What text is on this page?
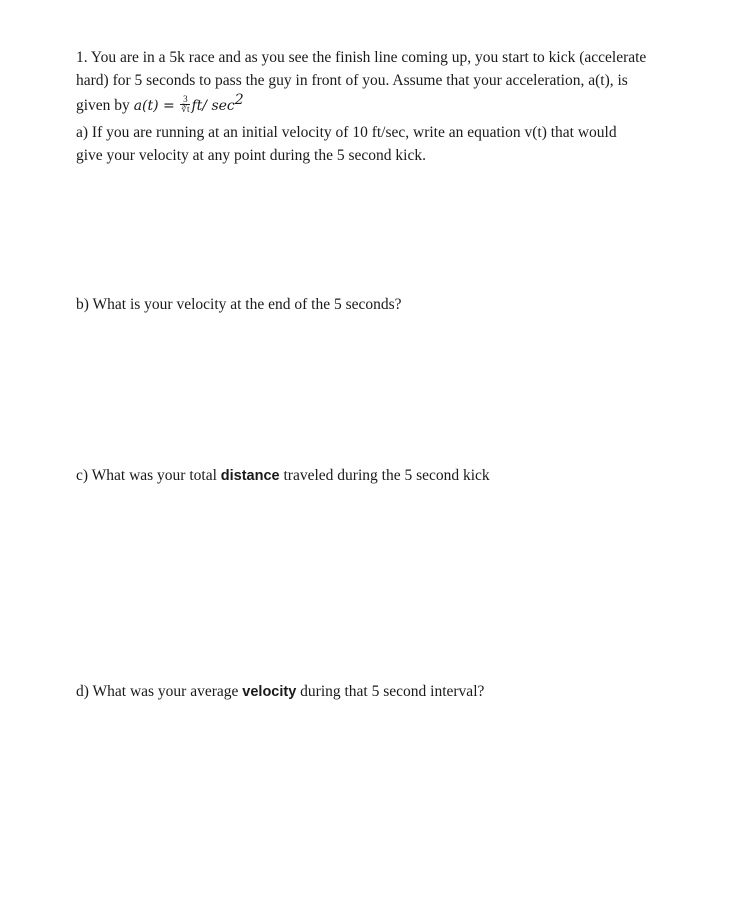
1. You are in a 5k race and as you see the finish line coming up, you start to kick (accelerate
hard) for 5 seconds to pass the guy in front of you. Assume that your acceleration, a(t), is
given by $a(t) = \frac{3}{∛t} ft/$ $\sec^2$
a) If you are running at an initial velocity of 10 ft/sec, write an equation v(t) that would
give your velocity at any point during the 5 second kick.
b) What is your velocity at the end of the 5 seconds?
c) What was your total distance traveled during the 5 second kick
d) What was your average velocity during that 5 second interval?
